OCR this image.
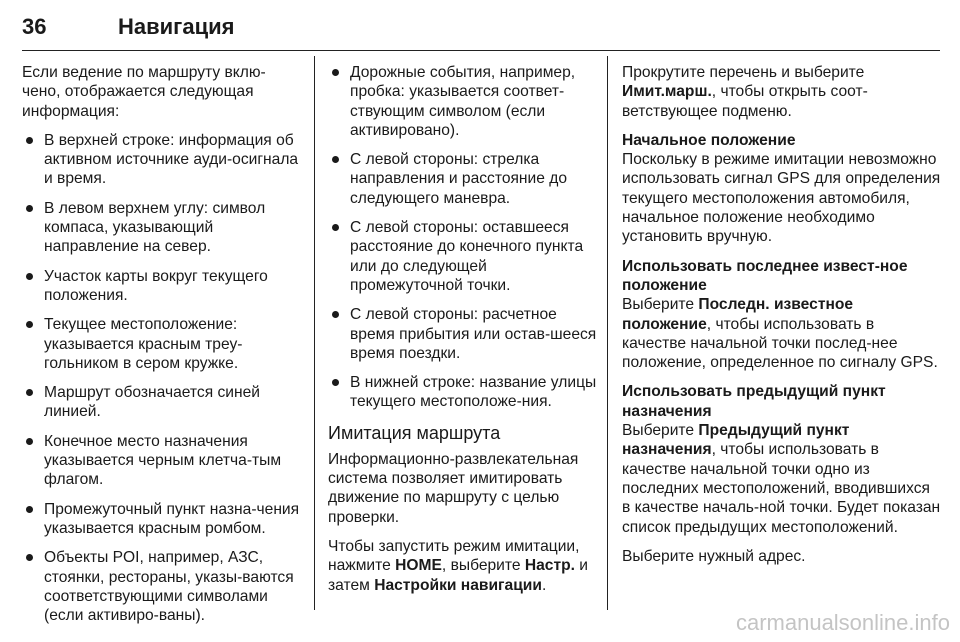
36	Навигация

Если ведение по маршруту вклю-чено, отображается следующая информация:

В верхней строке: информация об активном источнике ауди-осигнала и время.
В левом верхнем углу: символ компаса, указывающий направление на север.
Участок карты вокруг текущего положения.
Текущее местоположение: указывается красным треу-гольником в сером кружке.
Маршрут обозначается синей линией.
Конечное место назначения указывается черным клетча-тым флагом.
Промежуточный пункт назна-чения указывается красным ромбом.
Объекты POI, например, АЗС, стоянки, рестораны, указы-ваются соответствующими символами (если активиро-ваны).
Дорожные события, например, пробка: указывается соответ-ствующим символом (если активировано).
С левой стороны: стрелка направления и расстояние до следующего маневра.
С левой стороны: оставшееся расстояние до конечного пункта или до следующей промежуточной точки.
С левой стороны: расчетное время прибытия или остав-шееся время поездки.
В нижней строке: название улицы текущего местоположе-ния.
Имитация маршрута

Информационно-развлекательная система позволяет имитировать движение по маршруту с целью проверки.

Чтобы запустить режим имитации, нажмите HOME, выберите Настр. и затем Настройки навигации.

Прокрутите перечень и выберите Имит.марш., чтобы открыть соот-ветствующее подменю.

Начальное положение

Поскольку в режиме имитации невозможно использовать сигнал GPS для определения текущего местоположения автомобиля, начальное положение необходимо установить вручную.

Использовать последнее извест-ное положение

Выберите Последн. известное положение, чтобы использовать в качестве начальной точки послед-нее положение, определенное по сигналу GPS.

Использовать предыдущий пункт назначения

Выберите Предыдущий пункт назначения, чтобы использовать в качестве начальной точки одно из последних местоположений, вводившихся в качестве началь-ной точки. Будет показан список предыдущих местоположений.

Выберите нужный адрес.

carmanualsonline.info
